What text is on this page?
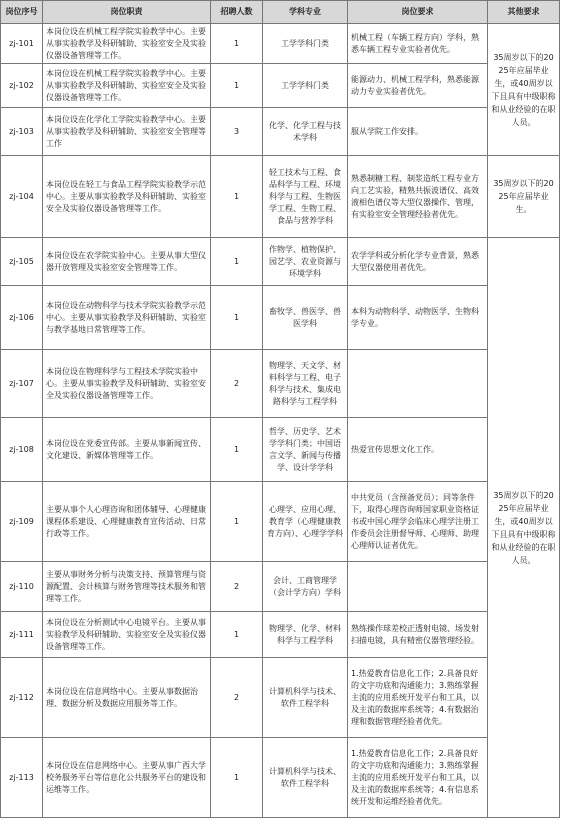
岗位序号	岗位职责	招聘人数	学科专业	岗位要求	其他要求
zj-101	本岗位设在机械工程学院实验教学中心。主要从事实验教学及科研辅助、实验室安全及实验仪器设备管理等工作。	1	工学学科门类	机械工程（车辆工程方向）学科，熟悉车辆工程专业实验者优先。	35周岁以下的2025年应届毕业生，或40周岁以下且具有中级职称和从业经验的在职人员。
zj-102	本岗位设在机械工程学院实验教学中心。主要从事实验教学及科研辅助、实验室安全及实验仪器设备管理等工作。	1	工学学科门类	能源动力、机械工程学科，熟悉能源动力专业实验者优先。	
zj-103	本岗位设在化学化工学院实验教学中心。主要从事实验教学及科研辅助、实验室安全管理等工作	3	化学、化学工程与技术学科	服从学院工作安排。	
zj-104	本岗位设在轻工与食品工程学院实验教学示范中心。主要从事实验教学及科研辅助、实验室安全及实验仪器设备管理等工作。	1	轻工技术与工程、食品科学与工程、环境科学与工程、生物医学工程、生物工程、食品与营养学科	熟悉制糖工程、制浆造纸工程专业方向工艺实验，精熟共振波谱仪、高效液相色谱仪等大型仪器操作、管理，有实验室安全管理经验者优先。	35周岁以下的2025年应届毕业生。
zj-105	本岗位设在农学院实验中心。主要从事大型仪器开放管理及实验室安全管理等工作。	1	作物学、植物保护、园艺学、农业资源与环境学科	农学学科或分析化学专业背景，熟悉大型仪器使用者优先。	35周岁以下的2025年应届毕业生，或40周岁以下且具有中级职称和从业经验的在职人员。
zj-106	本岗位设在动物科学与技术学院实验教学示范中心。主要从事实验教学及科研辅助、实验室与教学基地日常管理等工作。	1	畜牧学、兽医学、兽医学科	本科为动物科学、动物医学、生物科学专业。	
zj-107	本岗位设在物理科学与工程技术学院实验中心。主要从事实验教学及科研辅助、实验室安全及实验仪器设备管理等工作。	2	物理学、天文学、材料科学与工程、电子科学与技术、集成电路科学与工程学科		
zj-108	本岗位设在党委宣传部。主要从事新闻宣传、文化建设、新媒体管理等工作。	1	哲学、历史学、艺术学学科门类；中国语言文学、新闻与传播学、设计学学科	热爱宣传思想文化工作。	
zj-109	主要从事个人心理咨询和团体辅导、心理健康课程体系建设、心理健康教育宣传活动、日常行政等工作。	1	心理学、应用心理、教育学（心理健康教育方向）、心理学学科	中共党员（含预备党员）；同等条件下，取得心理咨询师国家职业资格证书或中国心理学会临床心理学注册工作委员会注册督导师、心理师、助理心理师认证者优先。	
zj-110	主要从事财务分析与决策支持、预算管理与资源配置、会计核算与财务管理等技术服务和管理等工作。	2	会计、工商管理学（会计学方向）学科		
zj-111	本岗位设在分析测试中心电镜平台。主要从事实验教学及科研辅助、实验室安全及实验仪器设备管理等工作。	1	物理学、化学、材料科学与工程学科	熟练操作球差校正透射电镜、场发射扫描电镜，具有精密仪器管理经验。	
zj-112	本岗位设在信息网络中心。主要从事数据治理、数据分析及数据应用服务等工作。	2	计算机科学与技术、软件工程学科	1.热爱教育信息化工作；2.具备良好的文字功底和沟通能力；3.熟练掌握主流的应用系统开发平台和工具，以及主流的数据库系统等；4.有数据治理和数据管理经验者优先。	
zj-113	本岗位设在信息网络中心。主要从事广西大学校务服务平台等信息化公共服务平台的建设和运维等工作。	1	计算机科学与技术、软件工程学科	1.热爱教育信息化工作；2.具备良好的文字功底和沟通能力；3.熟练掌握主流的应用系统开发平台和工具，以及主流的数据库系统等；4.有信息系统开发和运维经验者优先。	
